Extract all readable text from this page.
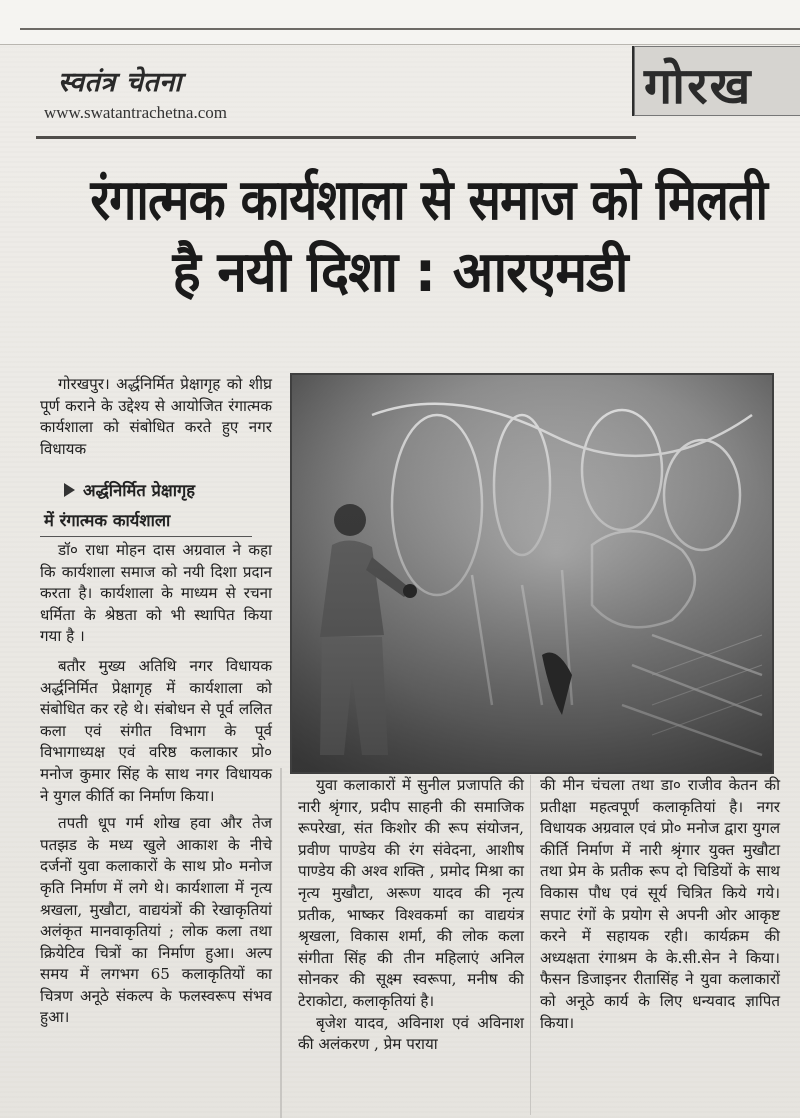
स्वतंत्र चेतना
www.swatantrachetna.com	गोरख
रंगात्मक कार्यशाला से समाज को मिलती
है नयी दिशा : आरएमडी

गोरखपुर। अर्द्धनिर्मित प्रेक्षागृह को शीघ्र पूर्ण कराने के उद्देश्य से आयोजित रंगात्मक कार्यशाला को संबोधित करते हुए नगर विधायक

अर्द्धनिर्मित प्रेक्षागृह
में रंगात्मक कार्यशाला

डॉ० राधा मोहन दास अग्रवाल ने कहा कि कार्यशाला समाज को नयी दिशा प्रदान करता है। कार्यशाला के माध्यम से रचना धर्मिता के श्रेष्ठता को भी स्थापित किया गया है ।

बतौर मुख्य अतिथि नगर विधायक अर्द्धनिर्मित प्रेक्षागृह में कार्यशाला को संबोधित कर रहे थे। संबोधन से पूर्व ललित कला एवं संगीत विभाग के पूर्व विभागाध्यक्ष एवं वरिष्ठ कलाकार प्रो० मनोज कुमार सिंह के साथ नगर विधायक ने युगल कीर्ति का निर्माण किया।

तपती धूप गर्म शोख हवा और तेज पतझड के मध्य खुले आकाश के नीचे दर्जनों युवा कलाकारों के साथ प्रो० मनोज कृति निर्माण में लगे थे। कार्यशाला में नृत्य श्रखला, मुखौटा, वाद्ययंत्रों की रेखाकृतियां अलंकृत मानवाकृतियां ; लोक कला तथा क्रियेटिव चित्रों का निर्माण हुआ। अल्प समय में लगभग 65 कलाकृतियों का चित्रण अनूठे संकल्प के फलस्वरूप संभव हुआ।

युवा कलाकारों में सुनील प्रजापति की नारी श्रृंगार, प्रदीप साहनी की समाजिक रूपरेखा, संत किशोर की रूप संयोजन, प्रवीण पाण्डेय की रंग संवेदना, आशीष पाण्डेय की अश्व शक्ति , प्रमोद मिश्रा का नृत्य मुखौटा, अरूण यादव की नृत्य प्रतीक, भाष्कर विश्वकर्मा का वाद्ययंत्र श्रृखला, विकास शर्मा, की लोक कला संगीता सिंह की तीन महिलाएं अनिल सोनकर की सूक्ष्म स्वरूपा, मनीष की टेराकोटा, कलाकृतियां है।

बृजेश यादव, अविनाश एवं अविनाश की अलंकरण , प्रेम पराया

की मीन चंचला तथा डा० राजीव केतन की प्रतीक्षा महत्वपूर्ण कलाकृतियां है। नगर विधायक अग्रवाल एवं प्रो० मनोज द्वारा युगल कीर्ति निर्माण में नारी श्रृंगार युक्त मुखौटा तथा प्रेम के प्रतीक रूप दो चिडियों के साथ विकास पौध एवं सूर्य चित्रित किये गये। सपाट रंगों के प्रयोग से अपनी ओर आकृष्ट करने में सहायक रही। कार्यक्रम की अध्यक्षता रंगाश्रम के के.सी.सेन ने किया। फैसन डिजाइनर रीतासिंह ने युवा कलाकारों को अनूठे कार्य के लिए धन्यवाद ज्ञापित किया।
